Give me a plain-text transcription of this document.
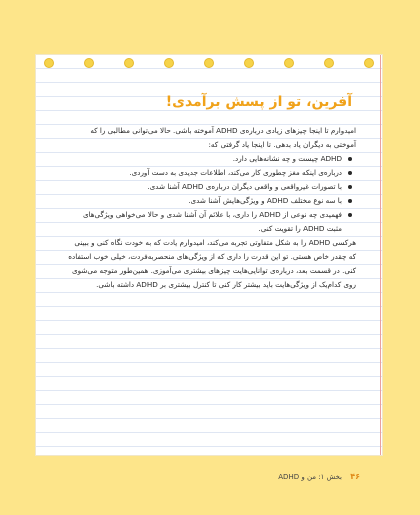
آفرین، تو از پسش برآمدی!

امیدوارم تا اینجا چیزهای زیادی درباره‌ی ADHD آموخته باشی. حالا می‌توانی مطالبی را که آموختی به دیگران یاد بدهی. تا اینجا یاد گرفتی که:

ADHD چیست و چه نشانه‌هایی دارد.
درباره‌ی اینکه مغز چطوری کار می‌کند، اطلاعات جدیدی به دست آوردی.
با تصورات غیرواقعی و واقعی دیگران درباره‌ی ADHD آشنا شدی.
با سه نوع مختلف ADHD و ویژگی‌هایش آشنا شدی.
فهمیدی چه نوعی از ADHD را داری، با علائم آن آشنا شدی و حالا می‌خواهی ویژگی‌های مثبت ADHD را تقویت کنی.

هرکسی ADHD را به شکل متفاوتی تجربه می‌کند، امیدوارم یادت که به خودت نگاه کنی و ببینی که چقدر خاص هستی. تو این قدرت را داری که از ویژگی‌های منحصربه‌فردت، خیلی خوب استفاده کنی. در قسمت بعد، درباره‌ی توانایی‌هایت چیزهای بیشتری می‌آموزی. همین‌طور متوجه می‌شوی روی کدام‌یک از ویژگی‌هایت باید بیشتر کار کنی تا کنترل بیشتری بر ADHD داشته باشی.

۴۶ بخش ۱: من و ADHD
